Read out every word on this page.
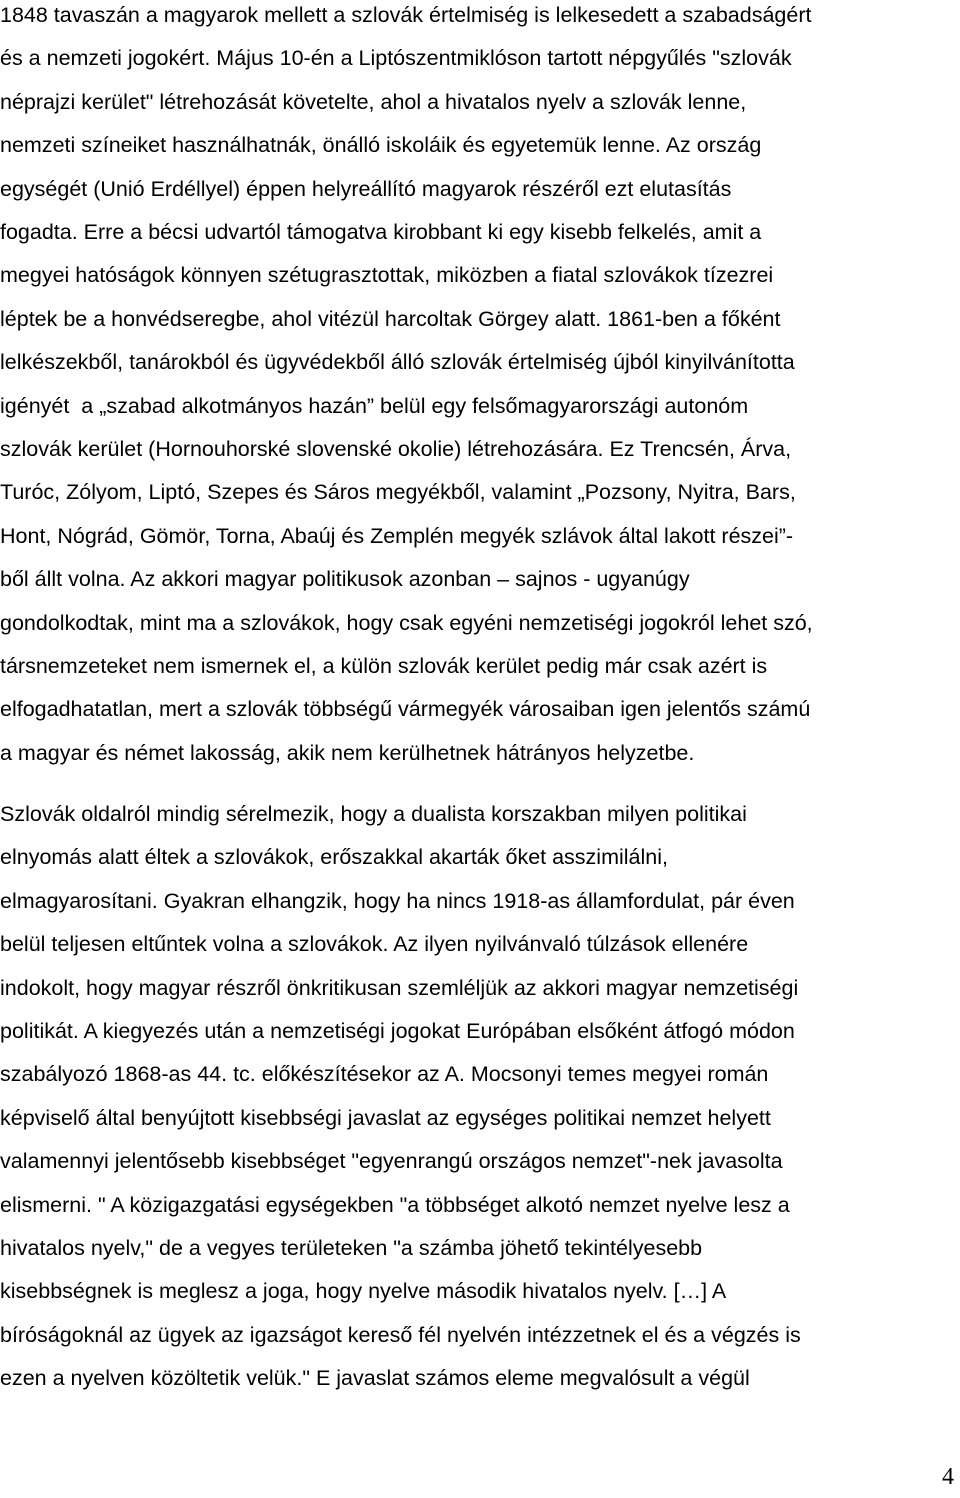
1848 tavaszán a magyarok mellett a szlovák értelmiség is lelkesedett a szabadságért
és a nemzeti jogokért. Május 10-én a Liptószentmiklóson tartott népgyűlés "szlovák
néprajzi kerület" létrehozását követelte, ahol a hivatalos nyelv a szlovák lenne,
nemzeti színeiket használhatnák, önálló iskoláik és egyetemük lenne. Az ország
egységét (Unió Erdéllyel) éppen helyreállító magyarok részéről ezt elutasítás
fogadta. Erre a bécsi udvartól támogatva kirobbant ki egy kisebb felkelés, amit a
megyei hatóságok könnyen szétugrasztottak, miközben a fiatal szlovákok tízezrei
léptek be a honvédseregbe, ahol vitézül harcoltak Görgey alatt. 1861-ben a főként
lelkészekből, tanárokból és ügyvédekből álló szlovák értelmiség újból kinyilvánította
igényét  a „szabad alkotmányos hazán” belül egy felsőmagyarországi autonóm
szlovák kerület (Hornouhorské slovenské okolie) létrehozására. Ez Trencsén, Árva,
Turóc, Zólyom, Liptó, Szepes és Sáros megyékből, valamint „Pozsony, Nyitra, Bars,
Hont, Nógrád, Gömör, Torna, Abaúj és Zemplén megyék szlávok által lakott részei”-
ből állt volna. Az akkori magyar politikusok azonban – sajnos - ugyanúgy
gondolkodtak, mint ma a szlovákok, hogy csak egyéni nemzetiségi jogokról lehet szó,
társnemzeteket nem ismernek el, a külön szlovák kerület pedig már csak azért is
elfogadhatatlan, mert a szlovák többségű vármegyék városaiban igen jelentős számú
a magyar és német lakosság, akik nem kerülhetnek hátrányos helyzetbe.
Szlovák oldalról mindig sérelmezik, hogy a dualista korszakban milyen politikai
elnyomás alatt éltek a szlovákok, erőszakkal akarták őket asszimilálni,
elmagyarosítani. Gyakran elhangzik, hogy ha nincs 1918-as államfordulat, pár éven
belül teljesen eltűntek volna a szlovákok. Az ilyen nyilvánvaló túlzások ellenére
indokolt, hogy magyar részről önkritikusan szemléljük az akkori magyar nemzetiségi
politikát. A kiegyezés után a nemzetiségi jogokat Európában elsőként átfogó módon
szabályozó 1868-as 44. tc. előkészítésekor az A. Mocsonyi temes megyei román
képviselő által benyújtott kisebbségi javaslat az egységes politikai nemzet helyett
valamennyi jelentősebb kisebbséget "egyenrangú országos nemzet"-nek javasolta
elismerni. " A közigazgatási egységekben "a többséget alkotó nemzet nyelve lesz a
hivatalos nyelv," de a vegyes területeken "a számba jöhető tekintélyesebb
kisebbségnek is meglesz a joga, hogy nyelve második hivatalos nyelv. […] A
bíróságoknál az ügyek az igazságot kereső fél nyelvén intézzetnek el és a végzés is
ezen a nyelven közöltetik velük." E javaslat számos eleme megvalósult a végül
4
